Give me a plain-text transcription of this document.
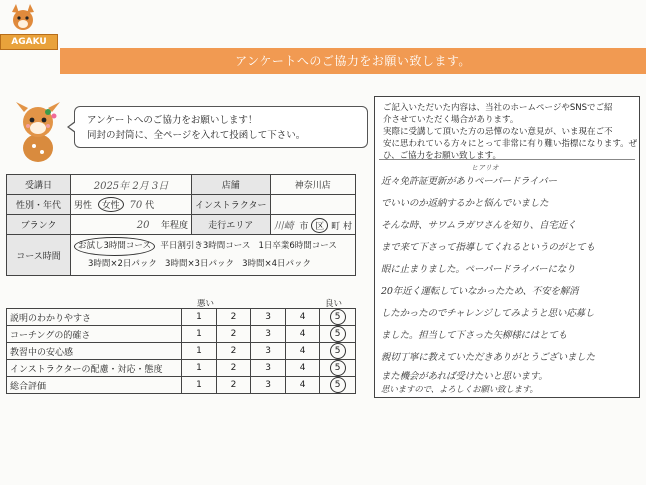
AGAKU
アンケートへのご協力をお願い致します。
アンケートへのご協力をお願いします！
同封の封筒に、全ページを入れて投函して下さい。
受講日	2025年 2月 3日	店舗	神奈川店
性別・年代	男性 女性 70 代	インストラクター	
ブランク	20 年程度	走行エリア	川崎 市 区 町 村
コース時間	お試し3時間コース 平日割引き3時間コース 1日卒業6時間コース
3時間×2日パック 3時間×3日パック 3時間×4日パック		
悪い	良い
説明のわかりやすさ	1	2	3	4	5
コーチングの的確さ	1	2	3	4	5
教習中の安心感	1	2	3	4	5
インストラクターの配慮・対応・態度	1	2	3	4	5
総合評価	1	2	3	4	5
ご記入いただいた内容は、当社のホームページやSNSでご紹
介させていただく場合があります。
実際に受講して頂いた方の忌憚のない意見が、いま現在ご不
安に思われている方々にとって非常に有り難い指標になります。ぜ
ひ、ご協力をお願い致します。
ヒアリオ
近々免許証更新がありペーパードライバー
でいいのか返納するかと悩んでいました
そんな時、サワムラガワさんを知り、自宅近く
まで来て下さって指導してくれるというのがとても
眼に止まりました。ペーパードライバーになり
20年近く運転していなかったため、不安を解消
したかったのでチャレンジしてみようと思い応募し
ました。担当して下さった矢柳様にはとても
親切丁寧に教えていただきありがとうございました
また機会があれば受けたいと思います。
思いますので、よろしくお願い致します。
